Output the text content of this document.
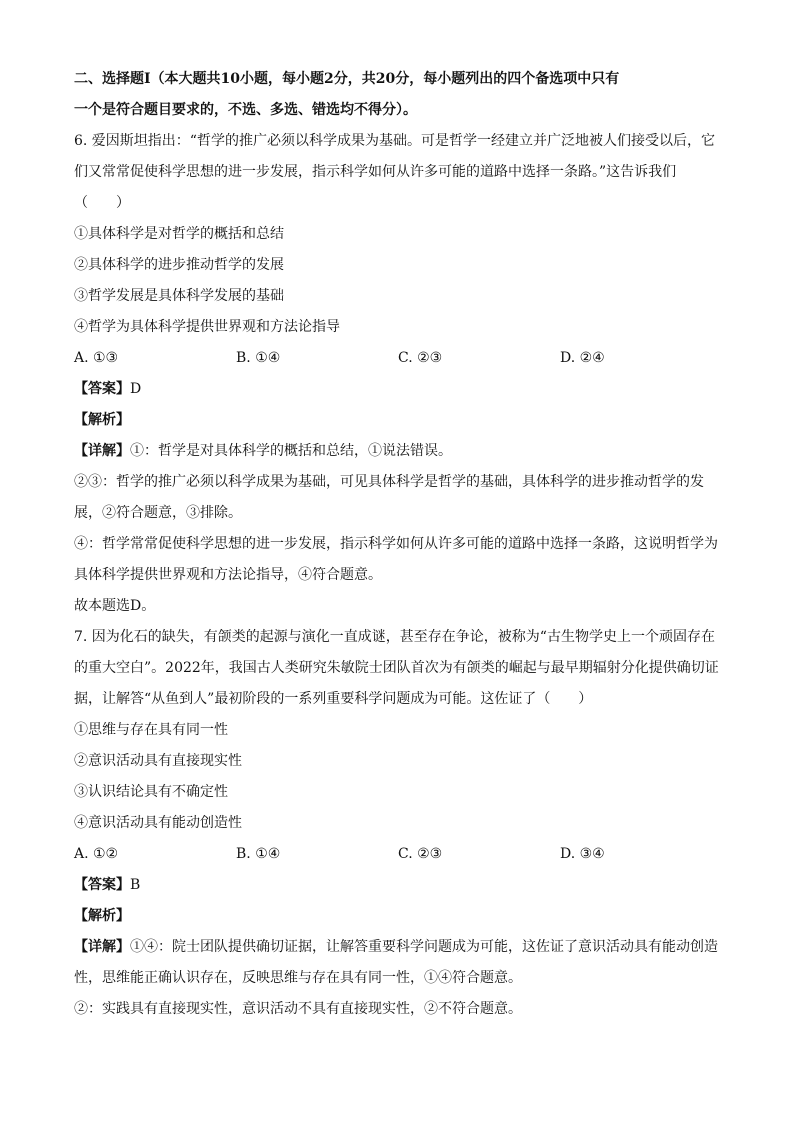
二、选择题Ⅰ（本大题共10小题，每小题2分，共20分，每小题列出的四个备选项中只有
一个是符合题目要求的，不选、多选、错选均不得分）。
6. 爱因斯坦指出：“哲学的推广必须以科学成果为基础。可是哲学一经建立并广泛地被人们接受以后，它
们又常常促使科学思想的进一步发展，指示科学如何从许多可能的道路中选择一条路。”这告诉我们
（　　）
①具体科学是对哲学的概括和总结
②具体科学的进步推动哲学的发展
③哲学发展是具体科学发展的基础
④哲学为具体科学提供世界观和方法论指导
A. ①③	B. ①④	C. ②③	D. ②④
【答案】D
【解析】
【详解】①：哲学是对具体科学的概括和总结，①说法错误。
②③：哲学的推广必须以科学成果为基础，可见具体科学是哲学的基础，具体科学的进步推动哲学的发
展，②符合题意，③排除。
④：哲学常常促使科学思想的进一步发展，指示科学如何从许多可能的道路中选择一条路，这说明哲学为
具体科学提供世界观和方法论指导，④符合题意。
故本题选D。
7. 因为化石的缺失，有颌类的起源与演化一直成谜，甚至存在争论，被称为“古生物学史上一个顽固存在
的重大空白”。2022年，我国古人类研究朱敏院士团队首次为有颌类的崛起与最早期辐射分化提供确切证
据，让解答“从鱼到人”最初阶段的一系列重要科学问题成为可能。这佐证了（　　）
①思维与存在具有同一性
②意识活动具有直接现实性
③认识结论具有不确定性
④意识活动具有能动创造性
A. ①②	B. ①④	C. ②③	D. ③④
【答案】B
【解析】
【详解】①④：院士团队提供确切证据，让解答重要科学问题成为可能，这佐证了意识活动具有能动创造
性，思维能正确认识存在，反映思维与存在具有同一性，①④符合题意。
②：实践具有直接现实性，意识活动不具有直接现实性，②不符合题意。
